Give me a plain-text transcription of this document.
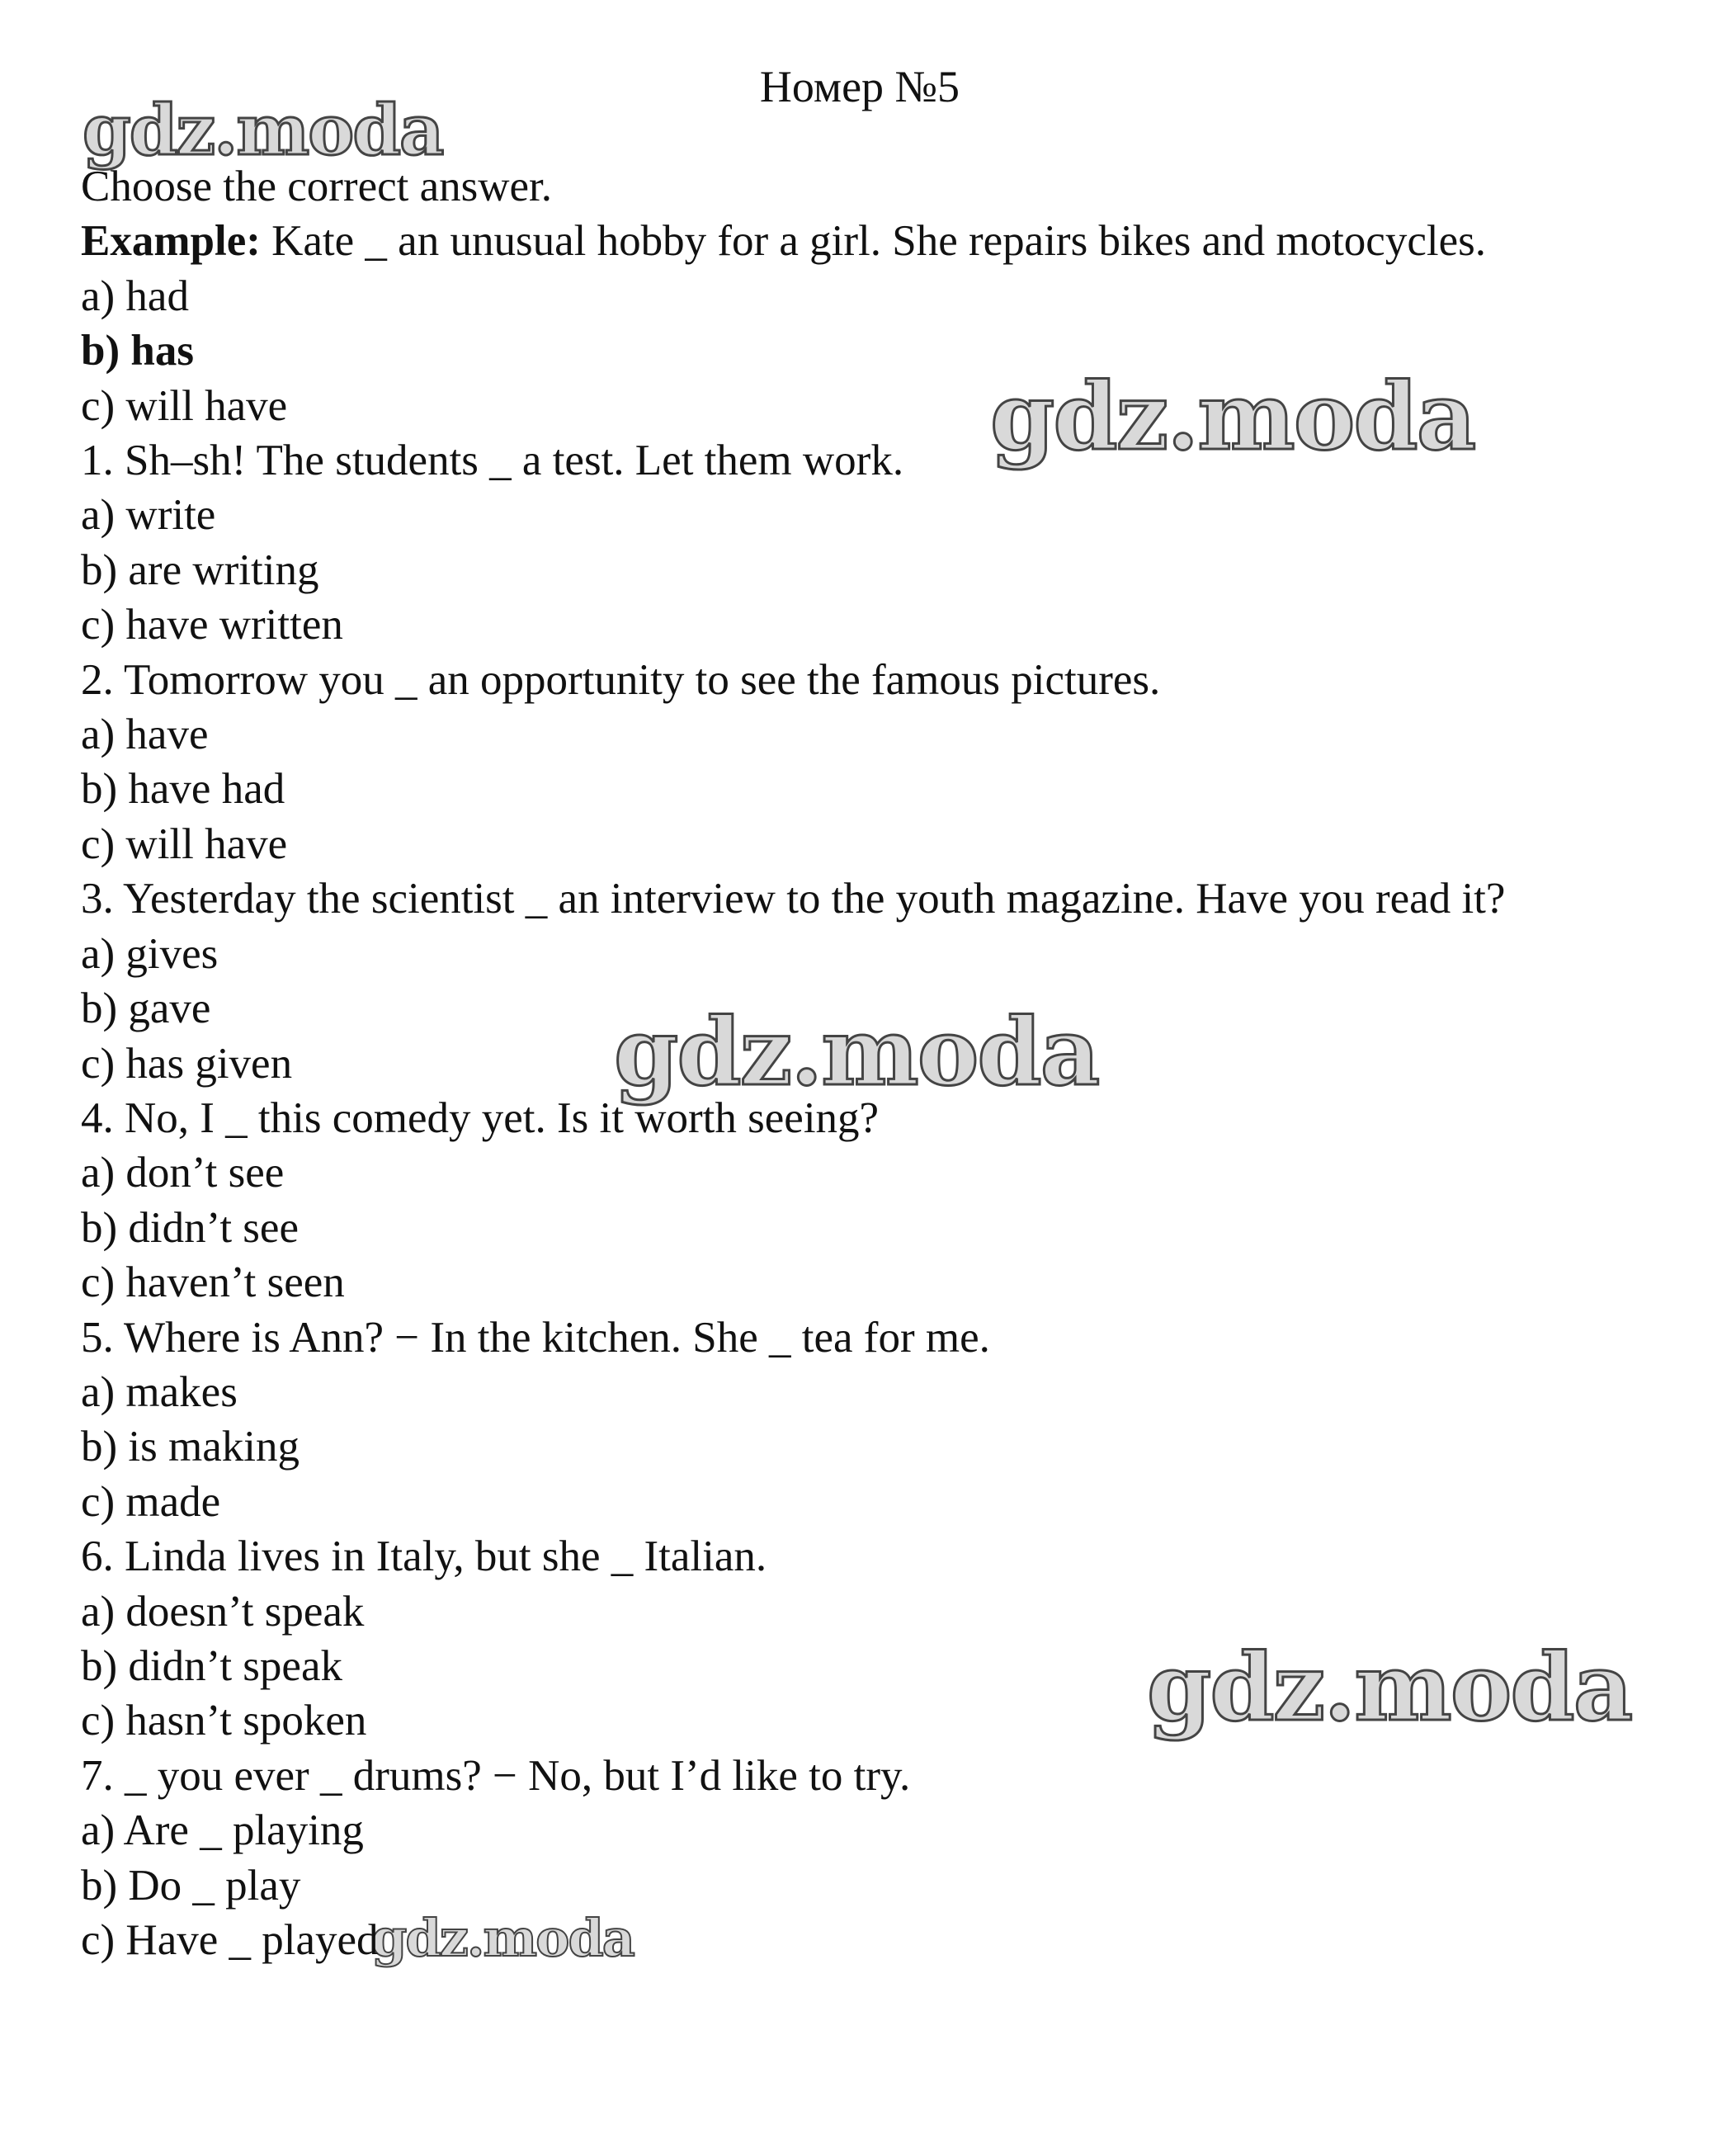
Номер №5
gdz.moda
gdz.moda
gdz.moda
gdz.moda
gdz.moda
Choose the correct answer.
Example: Kate _ an unusual hobby for a girl. She repairs bikes and motocycles.
a) had
b) has
c) will have
1. Sh–sh! The students _ a test. Let them work.
a) write
b) are writing
c) have written
2. Tomorrow you _ an opportunity to see the famous pictures.
a) have
b) have had
c) will have
3. Yesterday the scientist _ an interview to the youth magazine. Have you read it?
a) gives
b) gave
c) has given
4. No, I _ this comedy yet. Is it worth seeing?
a) don’t see
b) didn’t see
c) haven’t seen
5. Where is Ann? − In the kitchen. She _ tea for me.
a) makes
b) is making
c) made
6. Linda lives in Italy, but she _ Italian.
a) doesn’t speak
b) didn’t speak
c) hasn’t spoken
7. _ you ever _ drums? − No, but I’d like to try.
a) Are _ playing
b) Do _ play
c) Have _ played
